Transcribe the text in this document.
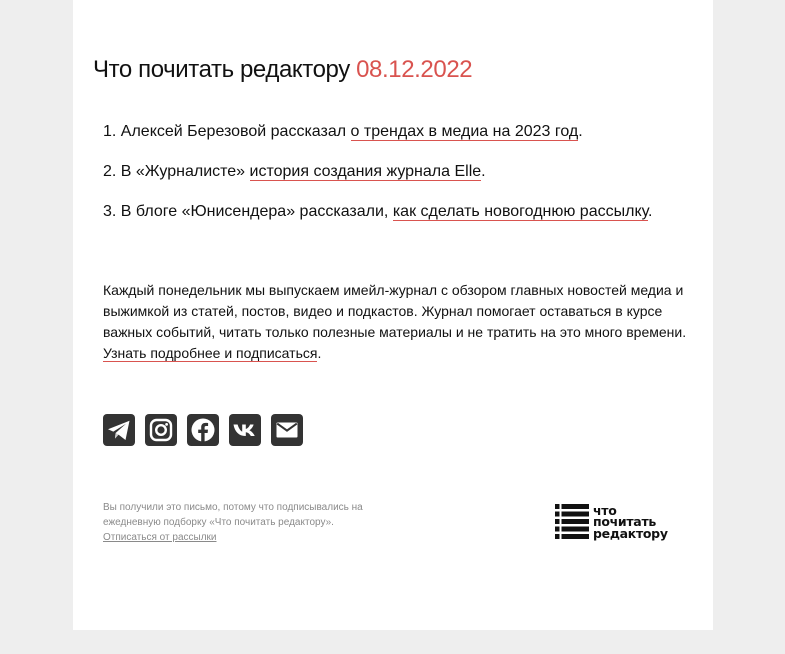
Что почитать редактору 08.12.2022
1. Алексей Березовой рассказал о трендах в медиа на 2023 год.
2. В «Журналисте» история создания журнала Elle.
3. В блоге «Юнисендера» рассказали, как сделать новогоднюю рассылку.

Каждый понедельник мы выпускаем имейл-журнал с обзором главных новостей медиа и выжимкой из статей, постов, видео и подкастов. Журнал помогает оставаться в курсе важных событий, читать только полезные материалы и не тратить на это много времени. Узнать подробнее и подписаться.

Вы получили это письмо, потому что подписывались на ежедневную подборку «Что почитать редактору».
Отписаться от рассылки

что
почитать
редактору
